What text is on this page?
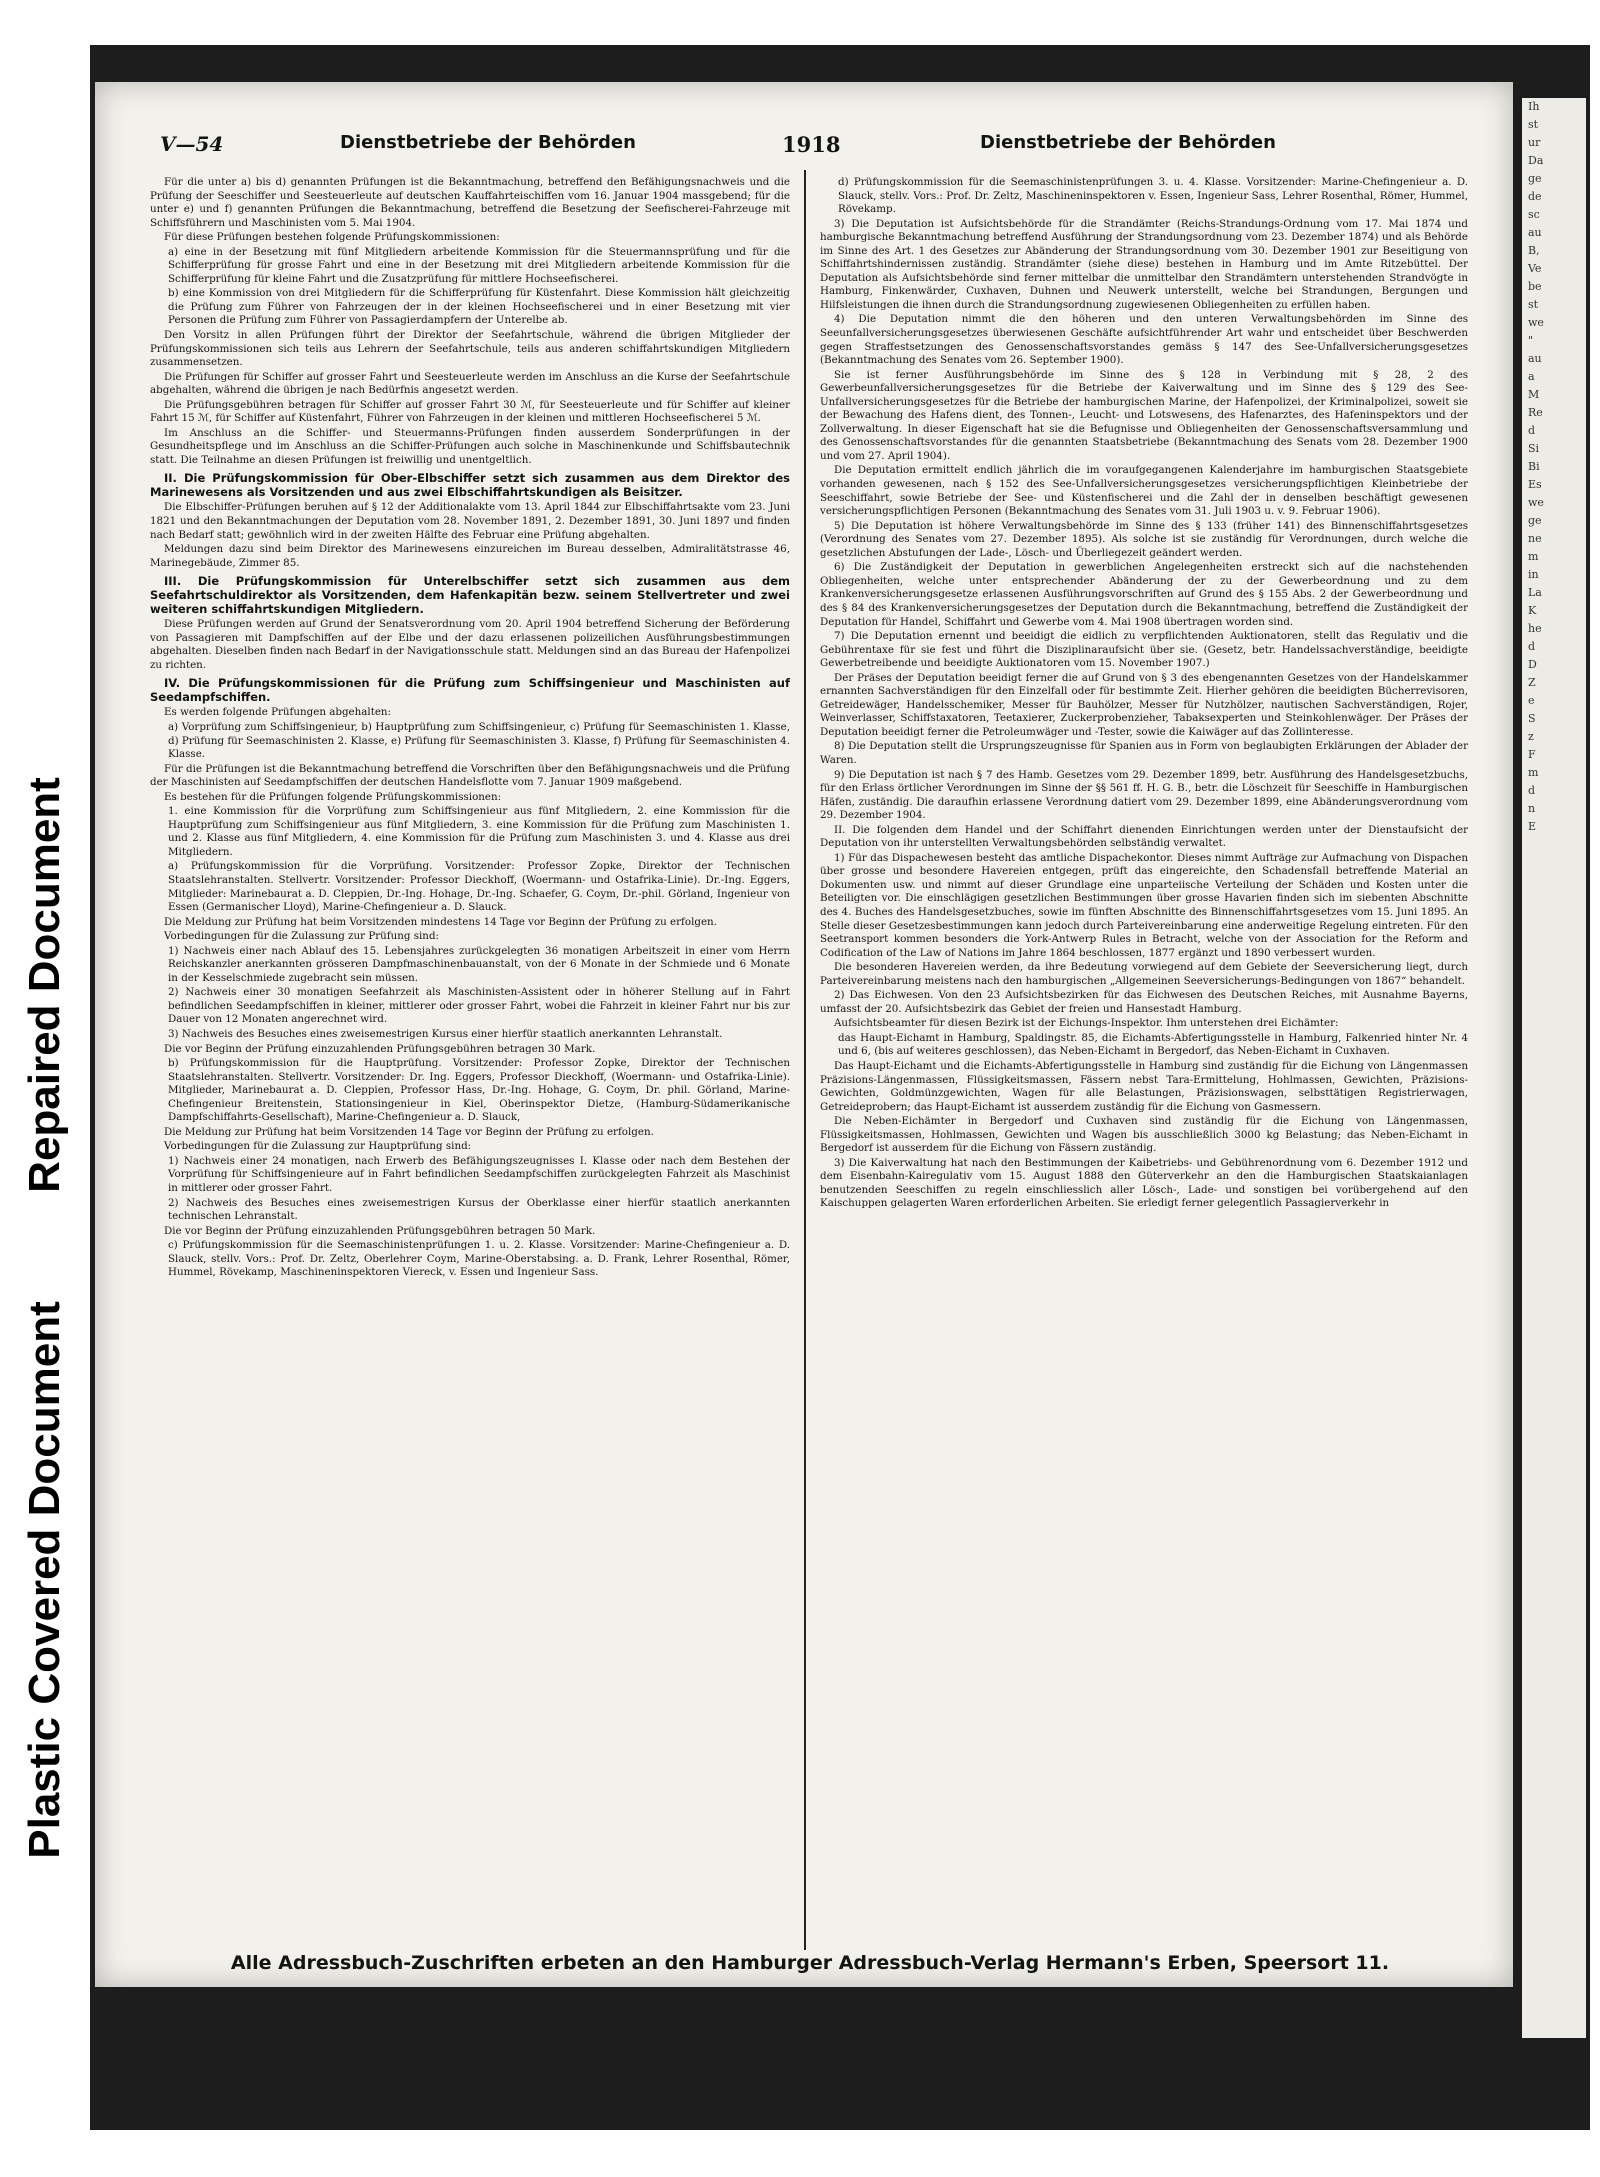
Repaired Document
Plastic Covered Document
Ih
st
ur
Da
ge
de
sc
au
B,
Ve
be
st
we
"
au
a
M
Re
d
Si
Bi
Es
we
ge
ne
m
in
La
K
he
d
D
Z
e
S
z
F
m
d
n
E
V—54	Dienstbetriebe der Behörden	1918	Dienstbetriebe der Behörden

Für die unter a) bis d) genannten Prüfungen ist die Bekanntmachung, betreffend den Befähigungsnachweis und die Prüfung der Seeschiffer und Seesteuerleute auf deutschen Kauffahrteischiffen vom 16. Januar 1904 massgebend; für die unter e) und f) genannten Prüfungen die Bekanntmachung, betreffend die Besetzung der Seefischerei-Fahrzeuge mit Schiffsführern und Maschinisten vom 5. Mai 1904.

Für diese Prüfungen bestehen folgende Prüfungskommissionen:

a) eine in der Besetzung mit fünf Mitgliedern arbeitende Kommission für die Steuermannsprüfung und für die Schifferprüfung für grosse Fahrt und eine in der Besetzung mit drei Mitgliedern arbeitende Kommission für die Schifferprüfung für kleine Fahrt und die Zusatzprüfung für mittlere Hochseefischerei.

b) eine Kommission von drei Mitgliedern für die Schifferprüfung für Küstenfahrt. Diese Kommission hält gleichzeitig die Prüfung zum Führer von Fahrzeugen der in der kleinen Hochseefischerei und in einer Besetzung mit vier Personen die Prüfung zum Führer von Passagierdampfern der Unterelbe ab.

Den Vorsitz in allen Prüfungen führt der Direktor der Seefahrtschule, während die übrigen Mitglieder der Prüfungskommissionen sich teils aus Lehrern der Seefahrtschule, teils aus anderen schiffahrtskundigen Mitgliedern zusammensetzen.

Die Prüfungen für Schiffer auf grosser Fahrt und Seesteuerleute werden im Anschluss an die Kurse der Seefahrtschule abgehalten, während die übrigen je nach Bedürfnis angesetzt werden.

Die Prüfungsgebühren betragen für Schiffer auf grosser Fahrt 30 ℳ, für Seesteuerleute und für Schiffer auf kleiner Fahrt 15 ℳ, für Schiffer auf Küstenfahrt, Führer von Fahrzeugen in der kleinen und mittleren Hochseefischerei 5 ℳ.

Im Anschluss an die Schiffer- und Steuermanns-Prüfungen finden ausserdem Sonderprüfungen in der Gesundheitspflege und im Anschluss an die Schiffer-Prüfungen auch solche in Maschinenkunde und Schiffsbautechnik statt. Die Teilnahme an diesen Prüfungen ist freiwillig und unentgeltlich.

II. Die Prüfungskommission für Ober-Elbschiffer setzt sich zusammen aus dem Direktor des Marinewesens als Vorsitzenden und aus zwei Elbschiffahrtskundigen als Beisitzer.

Die Elbschiffer-Prüfungen beruhen auf § 12 der Additionalakte vom 13. April 1844 zur Elbschiffahrtsakte vom 23. Juni 1821 und den Bekanntmachungen der Deputation vom 28. November 1891, 2. Dezember 1891, 30. Juni 1897 und finden nach Bedarf statt; gewöhnlich wird in der zweiten Hälfte des Februar eine Prüfung abgehalten.

Meldungen dazu sind beim Direktor des Marinewesens einzureichen im Bureau desselben, Admiralitätstrasse 46, Marinegebäude, Zimmer 85.

III. Die Prüfungskommission für Unterelbschiffer setzt sich zusammen aus dem Seefahrtschuldirektor als Vorsitzenden, dem Hafenkapitän bezw. seinem Stellvertreter und zwei weiteren schiffahrtskundigen Mitgliedern.

Diese Prüfungen werden auf Grund der Senatsverordnung vom 20. April 1904 betreffend Sicherung der Beförderung von Passagieren mit Dampfschiffen auf der Elbe und der dazu erlassenen polizeilichen Ausführungsbestimmungen abgehalten. Dieselben finden nach Bedarf in der Navigationsschule statt. Meldungen sind an das Bureau der Hafenpolizei zu richten.

IV. Die Prüfungskommissionen für die Prüfung zum Schiffsingenieur und Maschinisten auf Seedampfschiffen.

Es werden folgende Prüfungen abgehalten:

a) Vorprüfung zum Schiffsingenieur, b) Hauptprüfung zum Schiffsingenieur, c) Prüfung für Seemaschinisten 1. Klasse, d) Prüfung für Seemaschinisten 2. Klasse, e) Prüfung für Seemaschinisten 3. Klasse, f) Prüfung für Seemaschinisten 4. Klasse.

Für die Prüfungen ist die Bekanntmachung betreffend die Vorschriften über den Befähigungsnachweis und die Prüfung der Maschinisten auf Seedampfschiffen der deutschen Handelsflotte vom 7. Januar 1909 maßgebend.

Es bestehen für die Prüfungen folgende Prüfungskommissionen:

1. eine Kommission für die Vorprüfung zum Schiffsingenieur aus fünf Mitgliedern, 2. eine Kommission für die Hauptprüfung zum Schiffsingenieur aus fünf Mitgliedern, 3. eine Kommission für die Prüfung zum Maschinisten 1. und 2. Klasse aus fünf Mitgliedern, 4. eine Kommission für die Prüfung zum Maschinisten 3. und 4. Klasse aus drei Mitgliedern.

a) Prüfungskommission für die Vorprüfung. Vorsitzender: Professor Zopke, Direktor der Technischen Staatslehranstalten. Stellvertr. Vorsitzender: Professor Dieckhoff, (Woermann- und Ostafrika-Linie). Dr.-Ing. Eggers, Mitglieder: Marinebaurat a. D. Cleppien, Dr.-Ing. Hohage, Dr.-Ing. Schaefer, G. Coym, Dr.-phil. Görland, Ingenieur von Essen (Germanischer Lloyd), Marine-Chefingenieur a. D. Slauck.

Die Meldung zur Prüfung hat beim Vorsitzenden mindestens 14 Tage vor Beginn der Prüfung zu erfolgen.

Vorbedingungen für die Zulassung zur Prüfung sind:

1) Nachweis einer nach Ablauf des 15. Lebensjahres zurückgelegten 36 monatigen Arbeitszeit in einer vom Herrn Reichskanzler anerkannten grösseren Dampfmaschinenbauanstalt, von der 6 Monate in der Schmiede und 6 Monate in der Kesselschmiede zugebracht sein müssen.

2) Nachweis einer 30 monatigen Seefahrzeit als Maschinisten-Assistent oder in höherer Stellung auf in Fahrt befindlichen Seedampfschiffen in kleiner, mittlerer oder grosser Fahrt, wobei die Fahrzeit in kleiner Fahrt nur bis zur Dauer von 12 Monaten angerechnet wird.

3) Nachweis des Besuches eines zweisemestrigen Kursus einer hierfür staatlich anerkannten Lehranstalt.

Die vor Beginn der Prüfung einzuzahlenden Prüfungsgebühren betragen 30 Mark.

b) Prüfungskommission für die Hauptprüfung. Vorsitzender: Professor Zopke, Direktor der Technischen Staatslehranstalten. Stellvertr. Vorsitzender: Dr. Ing. Eggers, Professor Dieckhoff, (Woermann- und Ostafrika-Linie). Mitglieder, Marinebaurat a. D. Cleppien, Professor Hass, Dr.-Ing. Hohage, G. Coym, Dr. phil. Görland, Marine-Chefingenieur Breitenstein, Stationsingenieur in Kiel, Oberinspektor Dietze, (Hamburg-Südamerikanische Dampfschiffahrts-Gesellschaft), Marine-Chefingenieur a. D. Slauck,

Die Meldung zur Prüfung hat beim Vorsitzenden 14 Tage vor Beginn der Prüfung zu erfolgen.

Vorbedingungen für die Zulassung zur Hauptprüfung sind:

1) Nachweis einer 24 monatigen, nach Erwerb des Befähigungszeugnisses I. Klasse oder nach dem Bestehen der Vorprüfung für Schiffsingenieure auf in Fahrt befindlichen Seedampfschiffen zurückgelegten Fahrzeit als Maschinist in mittlerer oder grosser Fahrt.

2) Nachweis des Besuches eines zweisemestrigen Kursus der Oberklasse einer hierfür staatlich anerkannten technischen Lehranstalt.

Die vor Beginn der Prüfung einzuzahlenden Prüfungsgebühren betragen 50 Mark.

c) Prüfungskommission für die Seemaschinistenprüfungen 1. u. 2. Klasse. Vorsitzender: Marine-Chefingenieur a. D. Slauck, stellv. Vors.: Prof. Dr. Zeltz, Oberlehrer Coym, Marine-Oberstabsing. a. D. Frank, Lehrer Rosenthal, Römer, Hummel, Rövekamp, Maschineninspektoren Viereck, v. Essen und Ingenieur Sass.

d) Prüfungskommission für die Seemaschinistenprüfungen 3. u. 4. Klasse. Vorsitzender: Marine-Chefingenieur a. D. Slauck, stellv. Vors.: Prof. Dr. Zeltz, Maschineninspektoren v. Essen, Ingenieur Sass, Lehrer Rosenthal, Römer, Hummel, Rövekamp.

3) Die Deputation ist Aufsichtsbehörde für die Strandämter (Reichs-Strandungs-Ordnung vom 17. Mai 1874 und hamburgische Bekanntmachung betreffend Ausführung der Strandungsordnung vom 23. Dezember 1874) und als Behörde im Sinne des Art. 1 des Gesetzes zur Abänderung der Strandungsordnung vom 30. Dezember 1901 zur Beseitigung von Schiffahrtshindernissen zuständig. Strandämter (siehe diese) bestehen in Hamburg und im Amte Ritzebüttel. Der Deputation als Aufsichtsbehörde sind ferner mittelbar die unmittelbar den Strandämtern unterstehenden Strandvögte in Hamburg, Finkenwärder, Cuxhaven, Duhnen und Neuwerk unterstellt, welche bei Strandungen, Bergungen und Hilfsleistungen die ihnen durch die Strandungsordnung zugewiesenen Obliegenheiten zu erfüllen haben.

4) Die Deputation nimmt die den höheren und den unteren Verwaltungsbehörden im Sinne des Seeunfallversicherungsgesetzes überwiesenen Geschäfte aufsichtführender Art wahr und entscheidet über Beschwerden gegen Straffestsetzungen des Genossenschaftsvorstandes gemäss § 147 des See-Unfallversicherungsgesetzes (Bekanntmachung des Senates vom 26. September 1900).

Sie ist ferner Ausführungsbehörde im Sinne des § 128 in Verbindung mit § 28, 2 des Gewerbeunfallversicherungsgesetzes für die Betriebe der Kaiverwaltung und im Sinne des § 129 des See-Unfallversicherungsgesetzes für die Betriebe der hamburgischen Marine, der Hafenpolizei, der Kriminalpolizei, soweit sie der Bewachung des Hafens dient, des Tonnen-, Leucht- und Lotswesens, des Hafenarztes, des Hafeninspektors und der Zollverwaltung. In dieser Eigenschaft hat sie die Befugnisse und Obliegenheiten der Genossenschaftsversammlung und des Genossenschaftsvorstandes für die genannten Staatsbetriebe (Bekanntmachung des Senats vom 28. Dezember 1900 und vom 27. April 1904).

Die Deputation ermittelt endlich jährlich die im voraufgegangenen Kalenderjahre im hamburgischen Staatsgebiete vorhanden gewesenen, nach § 152 des See-Unfallversicherungsgesetzes versicherungspflichtigen Kleinbetriebe der Seeschiffahrt, sowie Betriebe der See- und Küstenfischerei und die Zahl der in denselben beschäftigt gewesenen versicherungspflichtigen Personen (Bekanntmachung des Senates vom 31. Juli 1903 u. v. 9. Februar 1906).

5) Die Deputation ist höhere Verwaltungsbehörde im Sinne des § 133 (früher 141) des Binnenschiffahrtsgesetzes (Verordnung des Senates vom 27. Dezember 1895). Als solche ist sie zuständig für Verordnungen, durch welche die gesetzlichen Abstufungen der Lade-, Lösch- und Überliegezeit geändert werden.

6) Die Zuständigkeit der Deputation in gewerblichen Angelegenheiten erstreckt sich auf die nachstehenden Obliegenheiten, welche unter entsprechender Abänderung der zu der Gewerbeordnung und zu dem Krankenversicherungsgesetze erlassenen Ausführungsvorschriften auf Grund des § 155 Abs. 2 der Gewerbeordnung und des § 84 des Krankenversicherungsgesetzes der Deputation durch die Bekanntmachung, betreffend die Zuständigkeit der Deputation für Handel, Schiffahrt und Gewerbe vom 4. Mai 1908 übertragen worden sind.

7) Die Deputation ernennt und beeidigt die eidlich zu verpflichtenden Auktionatoren, stellt das Regulativ und die Gebührentaxe für sie fest und führt die Disziplinaraufsicht über sie. (Gesetz, betr. Handelssachverständige, beeidigte Gewerbetreibende und beeidigte Auktionatoren vom 15. November 1907.)

Der Präses der Deputation beeidigt ferner die auf Grund von § 3 des ebengenannten Gesetzes von der Handelskammer ernannten Sachverständigen für den Einzelfall oder für bestimmte Zeit. Hierher gehören die beeidigten Bücherrevisoren, Getreidewäger, Handelsschemiker, Messer für Bauhölzer, Messer für Nutzhölzer, nautischen Sachverständigen, Rojer, Weinverlasser, Schiffstaxatoren, Teetaxierer, Zuckerprobenzieher, Tabaksexperten und Steinkohlenwäger. Der Präses der Deputation beeidigt ferner die Petroleumwäger und -Tester, sowie die Kaiwäger auf das Zollinteresse.

8) Die Deputation stellt die Ursprungszeugnisse für Spanien aus in Form von beglaubigten Erklärungen der Ablader der Waren.

9) Die Deputation ist nach § 7 des Hamb. Gesetzes vom 29. Dezember 1899, betr. Ausführung des Handelsgesetzbuchs, für den Erlass örtlicher Verordnungen im Sinne der §§ 561 ff. H. G. B., betr. die Löschzeit für Seeschiffe in Hamburgischen Häfen, zuständig. Die daraufhin erlassene Verordnung datiert vom 29. Dezember 1899, eine Abänderungsverordnung vom 29. Dezember 1904.

II. Die folgenden dem Handel und der Schiffahrt dienenden Einrichtungen werden unter der Dienstaufsicht der Deputation von ihr unterstellten Verwaltungsbehörden selbständig verwaltet.

1) Für das Dispachewesen besteht das amtliche Dispachekontor. Dieses nimmt Aufträge zur Aufmachung von Dispachen über grosse und besondere Havereien entgegen, prüft das eingereichte, den Schadensfall betreffende Material an Dokumenten usw. und nimmt auf dieser Grundlage eine unparteiische Verteilung der Schäden und Kosten unter die Beteiligten vor. Die einschlägigen gesetzlichen Bestimmungen über grosse Havarien finden sich im siebenten Abschnitte des 4. Buches des Handelsgesetzbuches, sowie im fünften Abschnitte des Binnenschiffahrtsgesetzes vom 15. Juni 1895. An Stelle dieser Gesetzesbestimmungen kann jedoch durch Parteivereinbarung eine anderweitige Regelung eintreten. Für den Seetransport kommen besonders die York-Antwerp Rules in Betracht, welche von der Association for the Reform and Codification of the Law of Nations im Jahre 1864 beschlossen, 1877 ergänzt und 1890 verbessert wurden.

Die besonderen Havereien werden, da ihre Bedeutung vorwiegend auf dem Gebiete der Seeversicherung liegt, durch Parteivereinbarung meistens nach den hamburgischen „Allgemeinen Seeversicherungs-Bedingungen von 1867“ behandelt.

2) Das Eichwesen. Von den 23 Aufsichtsbezirken für das Eichwesen des Deutschen Reiches, mit Ausnahme Bayerns, umfasst der 20. Aufsichtsbezirk das Gebiet der freien und Hansestadt Hamburg.

Aufsichtsbeamter für diesen Bezirk ist der Eichungs-Inspektor. Ihm unterstehen drei Eichämter:

das Haupt-Eichamt in Hamburg, Spaldingstr. 85, die Eichamts-Abfertigungsstelle in Hamburg, Falkenried hinter Nr. 4 und 6, (bis auf weiteres geschlossen), das Neben-Eichamt in Bergedorf, das Neben-Eichamt in Cuxhaven.

Das Haupt-Eichamt und die Eichamts-Abfertigungsstelle in Hamburg sind zuständig für die Eichung von Längenmassen Präzisions-Längenmassen, Flüssigkeitsmassen, Fässern nebst Tara-Ermittelung, Hohlmassen, Gewichten, Präzisions-Gewichten, Goldmünzgewichten, Wagen für alle Belastungen, Präzisionswagen, selbsttätigen Registrierwagen, Getreideprobern; das Haupt-Eichamt ist ausserdem zuständig für die Eichung von Gasmessern.

Die Neben-Eichämter in Bergedorf und Cuxhaven sind zuständig für die Eichung von Längenmassen, Flüssigkeitsmassen, Hohlmassen, Gewichten und Wagen bis ausschließlich 3000 kg Belastung; das Neben-Eichamt in Bergedorf ist ausserdem für die Eichung von Fässern zuständig.

3) Die Kaiverwaltung hat nach den Bestimmungen der Kaibetriebs- und Gebührenordnung vom 6. Dezember 1912 und dem Eisenbahn-Kairegulativ vom 15. August 1888 den Güterverkehr an den die Hamburgischen Staatskaianlagen benutzenden Seeschiffen zu regeln einschliesslich aller Lösch-, Lade- und sonstigen bei vorübergehend auf den Kaischuppen gelagerten Waren erforderlichen Arbeiten. Sie erledigt ferner gelegentlich Passagierverkehr in

Alle Adressbuch-Zuschriften erbeten an den Hamburger Adressbuch-Verlag Hermann's Erben, Speersort 11.
